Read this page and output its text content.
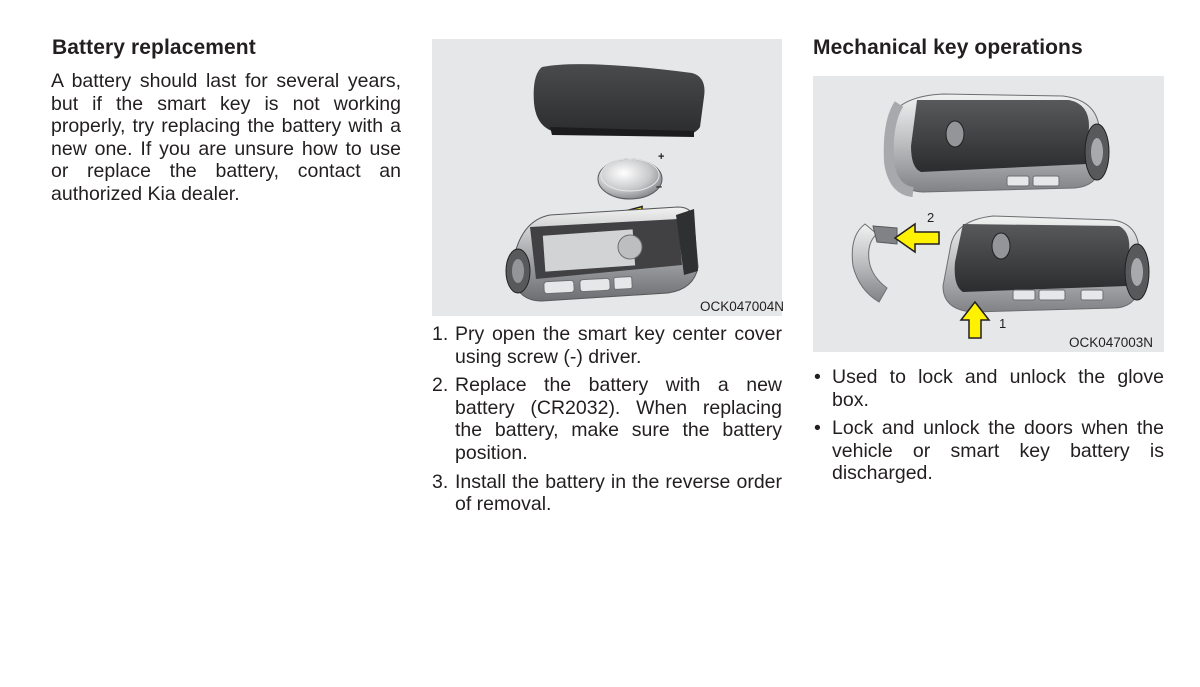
Battery replacement

A battery should last for several years, but if the smart key is not working properly, try replacing the battery with a new one. If you are unsure how to use or replace the battery, contact an authorized Kia dealer.

+
–
OCK047004N
1. Pry open the smart key center cover using screw (-) driver.
2. Replace the battery with a new battery (CR2032). When replacing the battery, make sure the battery position.
3. Install the battery in the reverse order of removal.
Mechanical key operations
2
1
OCK047003N
• Used to lock and unlock the glove box.
• Lock and unlock the doors when the vehicle or smart key battery is discharged.
